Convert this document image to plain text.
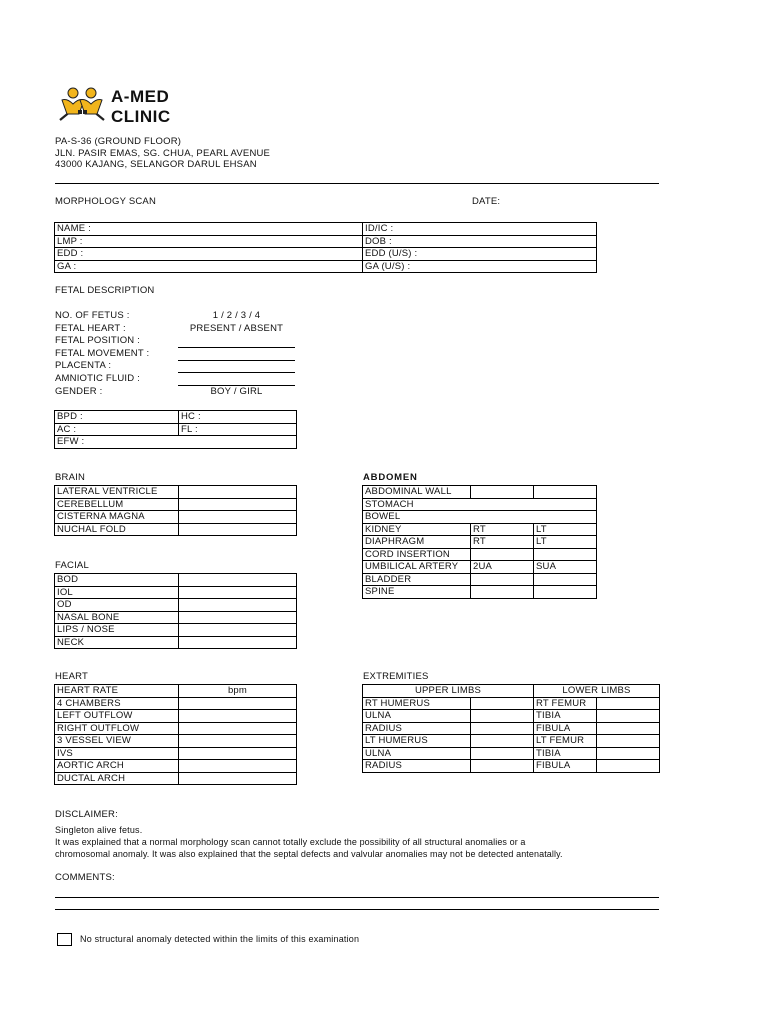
A-MED
CLINIC
PA-S-36 (GROUND FLOOR)
JLN. PASIR EMAS, SG. CHUA, PEARL AVENUE
43000 KAJANG, SELANGOR DARUL EHSAN
MORPHOLOGY SCAN	DATE:
NAME :	ID/IC :
LMP :	DOB :
EDD :	EDD (U/S) :
GA :	GA (U/S) :
FETAL DESCRIPTION
NO. OF FETUS :	1 / 2 / 3 / 4
FETAL HEART :	PRESENT / ABSENT
FETAL POSITION :
FETAL MOVEMENT :
PLACENTA :
AMNIOTIC FLUID :
GENDER :	BOY / GIRL
BPD :	HC :
AC :	FL :
EFW :	
BRAIN
LATERAL VENTRICLE	
CEREBELLUM	
CISTERNA MAGNA	
NUCHAL FOLD	
FACIAL
BOD	
IOL	
OD	
NASAL BONE	
LIPS / NOSE	
NECK	
HEART
HEART RATE	bpm
4 CHAMBERS	
LEFT OUTFLOW	
RIGHT OUTFLOW	
3 VESSEL VIEW	
IVS	
AORTIC ARCH	
DUCTAL ARCH	
ABDOMEN
ABDOMINAL WALL		
STOMACH		
BOWEL		
KIDNEY	RT	LT
DIAPHRAGM	RT	LT
CORD INSERTION		
UMBILICAL ARTERY	2UA	SUA
BLADDER		
SPINE		
EXTREMITIES
UPPER LIMBS		LOWER LIMBS	
RT HUMERUS		RT FEMUR	
ULNA		TIBIA	
RADIUS		FIBULA	
LT HUMERUS		LT FEMUR	
ULNA		TIBIA	
RADIUS		FIBULA	
DISCLAIMER:
Singleton alive fetus.
It was explained that a normal morphology scan cannot totally exclude the possibility of all structural anomalies or a
chromosomal anomaly. It was also explained that the septal defects and valvular anomalies may not be detected antenatally.
COMMENTS:
No structural anomaly detected within the limits of this examination
